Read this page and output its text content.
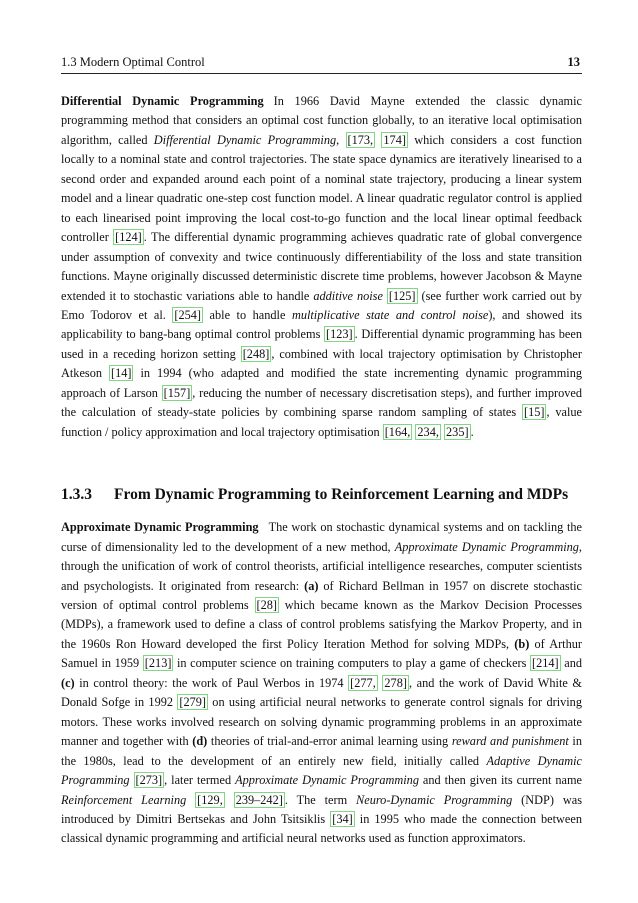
1.3 Modern Optimal Control	13

Differential Dynamic Programming In 1966 David Mayne extended the classic dynamic programming method that considers an optimal cost function globally, to an iterative local optimisation algorithm, called Differential Dynamic Programming, [173, 174] which considers a cost function locally to a nominal state and control trajectories. The state space dynamics are iteratively linearised to a second order and expanded around each point of a nominal state trajectory, producing a linear system model and a linear quadratic one-step cost function model. A linear quadratic regulator control is applied to each linearised point improving the local cost-to-go function and the local linear optimal feedback controller [124] . The differential dynamic programming achieves quadratic rate of global convergence under assumption of convexity and twice continuously differentiability of the loss and state transition functions. Mayne originally discussed deterministic discrete time problems, however Jacobson & Mayne extended it to stochastic variations able to handle additive noise [125] (see further work carried out by Emo Todorov et al. [254] able to handle multiplicative state and control noise), and showed its applicability to bang-bang optimal control problems [123] . Differential dynamic programming has been used in a receding horizon setting [248] , combined with local trajectory optimisation by Christopher Atkeson [14] in 1994 (who adapted and modified the state incrementing dynamic programming approach of Larson [157] , reducing the number of necessary discretisation steps), and further improved the calculation of steady-state policies by combining sparse random sampling of states [15] , value function / policy approximation and local trajectory optimisation [164, 234, 235] .

1.3.3 From Dynamic Programming to Reinforcement Learning and MDPs

Approximate Dynamic Programming The work on stochastic dynamical systems and on tackling the curse of dimensionality led to the development of a new method, Approximate Dynamic Programming, through the unification of work of control theorists, artificial intelligence researches, computer scientists and psychologists. It originated from research: (a) of Richard Bellman in 1957 on discrete stochastic version of optimal control problems [28] which became known as the Markov Decision Processes (MDPs), a framework used to define a class of control problems satisfying the Markov Property, and in the 1960s Ron Howard developed the first Policy Iteration Method for solving MDPs, (b) of Arthur Samuel in 1959 [213] in computer science on training computers to play a game of checkers [214] and (c) in control theory: the work of Paul Werbos in 1974 [277, 278] , and the work of David White & Donald Sofge in 1992 [279] on using artificial neural networks to generate control signals for driving motors. These works involved research on solving dynamic programming problems in an approximate manner and together with (d) theories of trial-and-error animal learning using reward and punishment in the 1980s, lead to the development of an entirely new field, initially called Adaptive Dynamic Programming [273] , later termed Approximate Dynamic Programming and then given its current name Reinforcement Learning [129, 239–242] . The term Neuro-Dynamic Programming (NDP) was introduced by Dimitri Bertsekas and John Tsitsiklis [34] in 1995 who made the connection between classical dynamic programming and artificial neural networks used as function approximators.
